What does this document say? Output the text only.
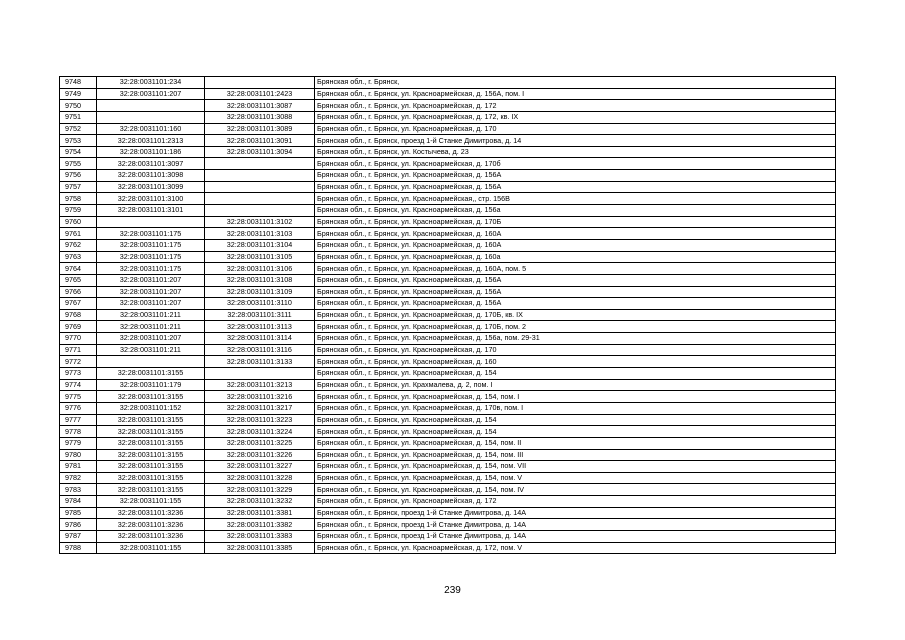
9748	32:28:0031101:234		Брянская обл., г. Брянск,
9749	32:28:0031101:207	32:28:0031101:2423	Брянская обл., г. Брянск, ул. Красноармейская, д. 156А, пом. I
9750		32:28:0031101:3087	Брянская обл., г. Брянск, ул. Красноармейская, д. 172
9751		32:28:0031101:3088	Брянская обл., г. Брянск, ул. Красноармейская, д. 172, кв. IX
9752	32:28:0031101:160	32:28:0031101:3089	Брянская обл., г. Брянск, ул. Красноармейская, д. 170
9753	32:28:0031101:2313	32:28:0031101:3091	Брянская обл., г. Брянск, проезд 1-й Станке Димитрова, д. 14
9754	32:28:0031101:186	32:28:0031101:3094	Брянская обл., г. Брянск, ул. Костычева, д. 23
9755	32:28:0031101:3097		Брянская обл., г. Брянск, ул. Красноармейская, д. 170б
9756	32:28:0031101:3098		Брянская обл., г. Брянск, ул. Красноармейская, д. 156А
9757	32:28:0031101:3099		Брянская обл., г. Брянск, ул. Красноармейская, д. 156А
9758	32:28:0031101:3100		Брянская обл., г. Брянск, ул. Красноармейская,, стр. 156В
9759	32:28:0031101:3101		Брянская обл., г. Брянск, ул. Красноармейская, д. 156а
9760		32:28:0031101:3102	Брянская обл., г. Брянск, ул. Красноармейская, д. 170Б
9761	32:28:0031101:175	32:28:0031101:3103	Брянская обл., г. Брянск, ул. Красноармейская, д. 160А
9762	32:28:0031101:175	32:28:0031101:3104	Брянская обл., г. Брянск, ул. Красноармейская, д. 160А
9763	32:28:0031101:175	32:28:0031101:3105	Брянская обл., г. Брянск, ул. Красноармейская, д. 160а
9764	32:28:0031101:175	32:28:0031101:3106	Брянская обл., г. Брянск, ул. Красноармейская, д. 160А, пом. 5
9765	32:28:0031101:207	32:28:0031101:3108	Брянская обл., г. Брянск, ул. Красноармейская, д. 156А
9766	32:28:0031101:207	32:28:0031101:3109	Брянская обл., г. Брянск, ул. Красноармейская, д. 156А
9767	32:28:0031101:207	32:28:0031101:3110	Брянская обл., г. Брянск, ул. Красноармейская, д. 156А
9768	32:28:0031101:211	32:28:0031101:3111	Брянская обл., г. Брянск, ул. Красноармейская, д. 170Б, кв. IX
9769	32:28:0031101:211	32:28:0031101:3113	Брянская обл., г. Брянск, ул. Красноармейская, д. 170Б, пом. 2
9770	32:28:0031101:207	32:28:0031101:3114	Брянская обл., г. Брянск, ул. Красноармейская, д. 156а, пом. 29-31
9771	32:28:0031101:211	32:28:0031101:3116	Брянская обл., г. Брянск, ул. Красноармейская, д. 170
9772		32:28:0031101:3133	Брянская обл., г. Брянск, ул. Красноармейская, д. 160
9773	32:28:0031101:3155		Брянская обл., г. Брянск, ул. Красноармейская, д. 154
9774	32:28:0031101:179	32:28:0031101:3213	Брянская обл., г. Брянск, ул. Крахмалева, д. 2, пом. I
9775	32:28:0031101:3155	32:28:0031101:3216	Брянская обл., г. Брянск, ул. Красноармейская, д. 154, пом. I
9776	32:28:0031101:152	32:28:0031101:3217	Брянская обл., г. Брянск, ул. Красноармейская, д. 170в, пом. I
9777	32:28:0031101:3155	32:28:0031101:3223	Брянская обл., г. Брянск, ул. Красноармейская, д. 154
9778	32:28:0031101:3155	32:28:0031101:3224	Брянская обл., г. Брянск, ул. Красноармейская, д. 154
9779	32:28:0031101:3155	32:28:0031101:3225	Брянская обл., г. Брянск, ул. Красноармейская, д. 154, пом. II
9780	32:28:0031101:3155	32:28:0031101:3226	Брянская обл., г. Брянск, ул. Красноармейская, д. 154, пом. III
9781	32:28:0031101:3155	32:28:0031101:3227	Брянская обл., г. Брянск, ул. Красноармейская, д. 154, пом. VII
9782	32:28:0031101:3155	32:28:0031101:3228	Брянская обл., г. Брянск, ул. Красноармейская, д. 154, пом. V
9783	32:28:0031101:3155	32:28:0031101:3229	Брянская обл., г. Брянск, ул. Красноармейская, д. 154, пом. IV
9784	32:28:0031101:155	32:28:0031101:3232	Брянская обл., г. Брянск, ул. Красноармейская, д. 172
9785	32:28:0031101:3236	32:28:0031101:3381	Брянская обл., г. Брянск, проезд 1-й Станке Димитрова, д. 14А
9786	32:28:0031101:3236	32:28:0031101:3382	Брянская обл., г. Брянск, проезд 1-й Станке Димитрова, д. 14А
9787	32:28:0031101:3236	32:28:0031101:3383	Брянская обл., г. Брянск, проезд 1-й Станке Димитрова, д. 14А
9788	32:28:0031101:155	32:28:0031101:3385	Брянская обл., г. Брянск, ул. Красноармейская, д. 172, пом. V
239
